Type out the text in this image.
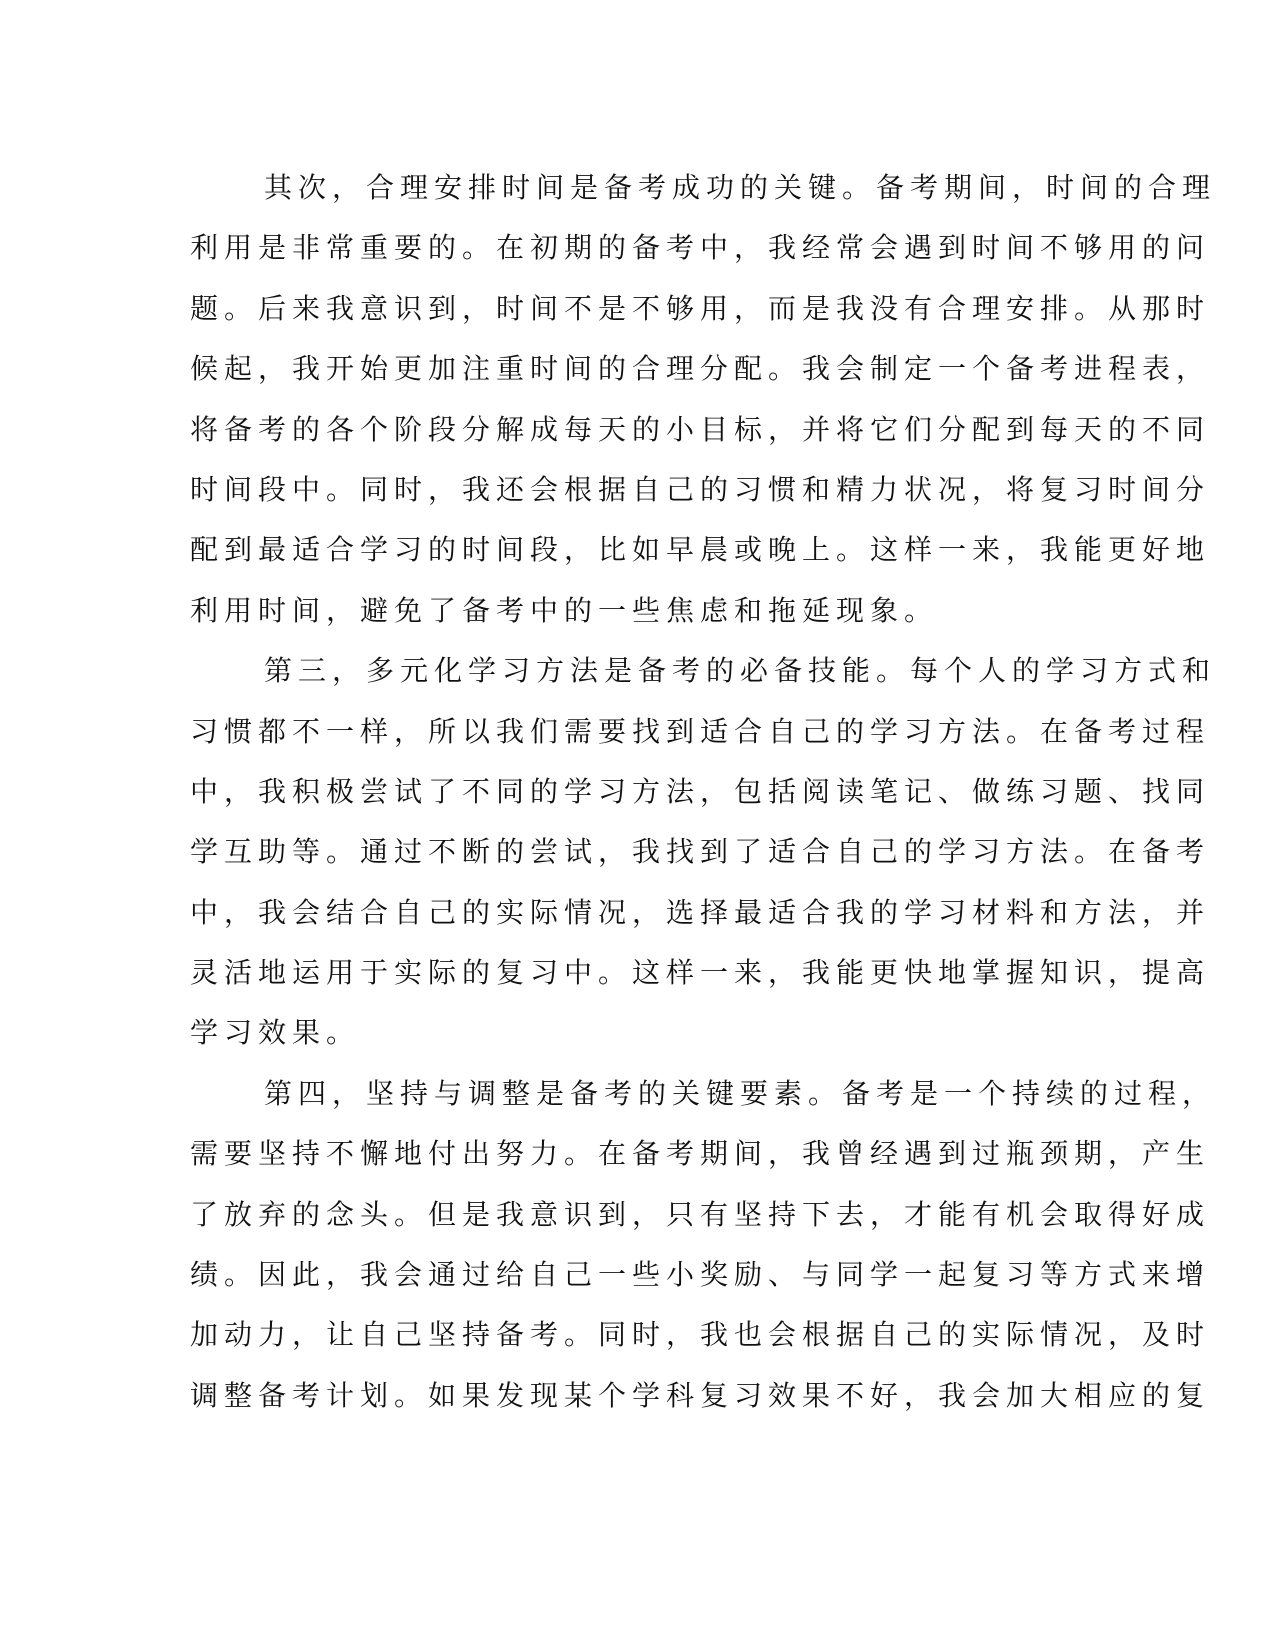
其次，合理安排时间是备考成功的关键。备考期间，时间的合理
利用是非常重要的。在初期的备考中，我经常会遇到时间不够用的问
题。后来我意识到，时间不是不够用，而是我没有合理安排。从那时
候起，我开始更加注重时间的合理分配。我会制定一个备考进程表，
将备考的各个阶段分解成每天的小目标，并将它们分配到每天的不同
时间段中。同时，我还会根据自己的习惯和精力状况，将复习时间分
配到最适合学习的时间段，比如早晨或晚上。这样一来，我能更好地
利用时间，避免了备考中的一些焦虑和拖延现象。
第三，多元化学习方法是备考的必备技能。每个人的学习方式和
习惯都不一样，所以我们需要找到适合自己的学习方法。在备考过程
中，我积极尝试了不同的学习方法，包括阅读笔记、做练习题、找同
学互助等。通过不断的尝试，我找到了适合自己的学习方法。在备考
中，我会结合自己的实际情况，选择最适合我的学习材料和方法，并
灵活地运用于实际的复习中。这样一来，我能更快地掌握知识，提高
学习效果。
第四，坚持与调整是备考的关键要素。备考是一个持续的过程，
需要坚持不懈地付出努力。在备考期间，我曾经遇到过瓶颈期，产生
了放弃的念头。但是我意识到，只有坚持下去，才能有机会取得好成
绩。因此，我会通过给自己一些小奖励、与同学一起复习等方式来增
加动力，让自己坚持备考。同时，我也会根据自己的实际情况，及时
调整备考计划。如果发现某个学科复习效果不好，我会加大相应的复
